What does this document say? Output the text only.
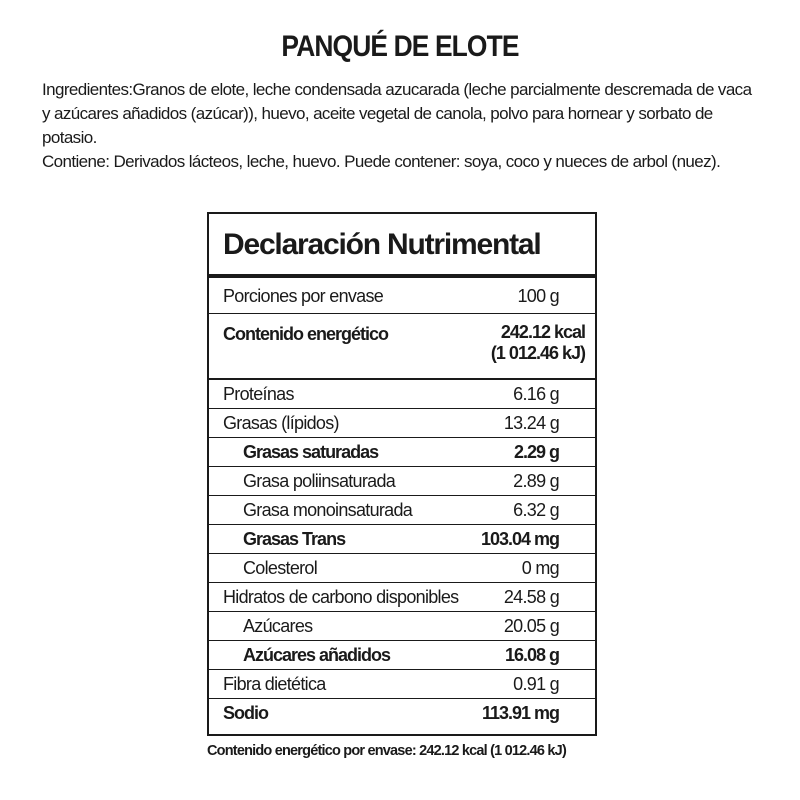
PANQUÉ DE ELOTE

Ingredientes:Granos de elote, leche condensada azucarada (leche parcialmente descremada de vaca y azúcares añadidos (azúcar)), huevo, aceite vegetal de canola, polvo para hornear y sorbato de potasio.

Contiene: Derivados lácteos, leche, huevo. Puede contener: soya, coco y nueces de arbol (nuez).

Declaración Nutrimental
Porciones por envase	100 g
Contenido energético	242.12 kcal
(1 012.46 kJ)
Proteínas	6.16 g
Grasas (lípidos)	13.24 g
Grasas saturadas	2.29 g
Grasa poliinsaturada	2.89 g
Grasa monoinsaturada	6.32 g
Grasas Trans	103.04 mg
Colesterol	0 mg
Hidratos de carbono disponibles	24.58 g
Azúcares	20.05 g
Azúcares añadidos	16.08 g
Fibra dietética	0.91 g
Sodio	113.91 mg
Contenido energético por envase: 242.12 kcal (1 012.46 kJ)
